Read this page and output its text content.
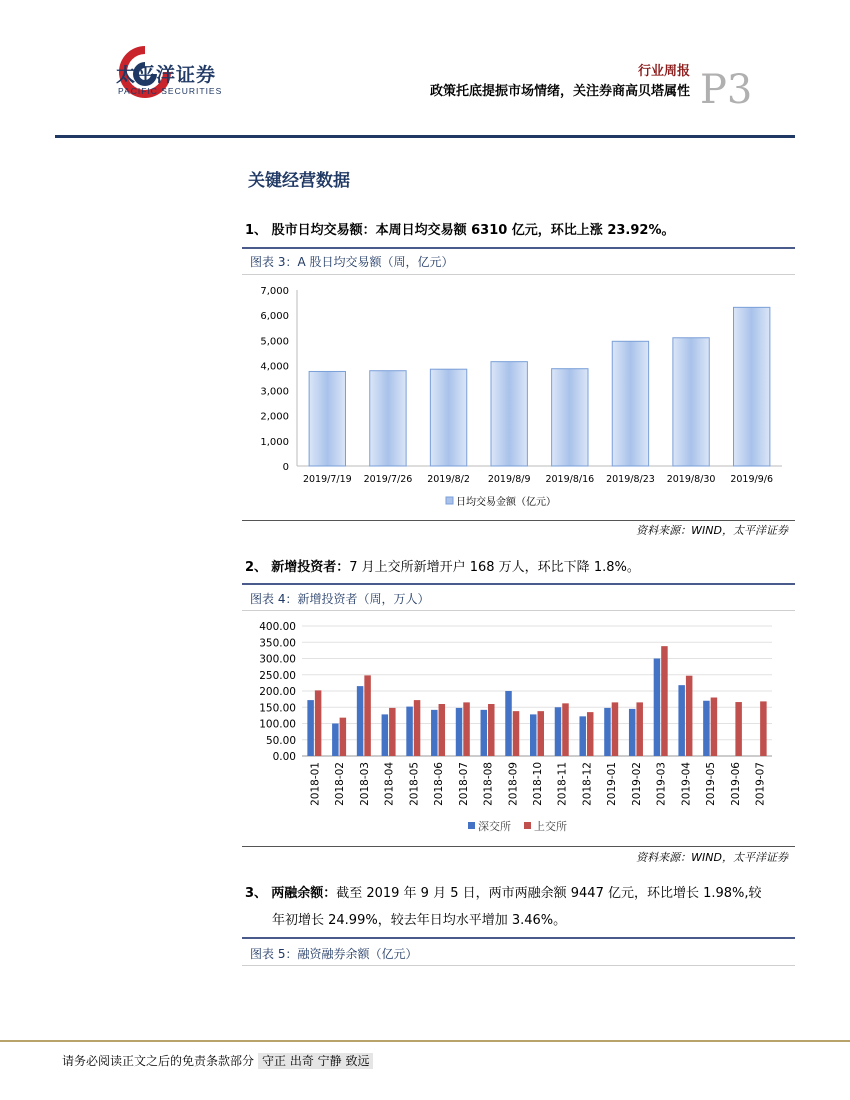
太平洋证券
PACIFIC SECURITIES
行业周报
政策托底提振市场情绪，关注券商高贝塔属性 P3
关键经营数据
1、 股市日均交易额：本周日均交易额 6310 亿元，环比上涨 23.92%。
图表 3：A 股日均交易额（周，亿元）
0
1,000
2,000
3,000
4,000
5,000
6,000
7,000
2019/7/19 2019/7/26 2019/8/2 2019/8/9 2019/8/16 2019/8/23 2019/8/30 2019/9/6
日均交易金额（亿元）
资料来源：WIND，太平洋证券
2、 新增投资者：7 月上交所新增开户 168 万人，环比下降 1.8%。
图表 4：新增投资者（周，万人）
0.00
50.00
100.00
150.00
200.00
250.00
300.00
350.00
400.00
2018-01 2018-02 2018-03 2018-04 2018-05 2018-06 2018-07 2018-08 2018-09 2018-10 2018-11 2018-12 2019-01 2019-02 2019-03 2019-04 2019-05 2019-06 2019-07
深交所 上交所
资料来源：WIND，太平洋证券
3、 两融余额：截至 2019 年 9 月 5 日，两市两融余额 9447 亿元，环比增长 1.98%,较
年初增长 24.99%，较去年日均水平增加 3.46%。
图表 5：融资融券余额（亿元）
请务必阅读正文之后的免责条款部分 守正 出奇 宁静 致远
